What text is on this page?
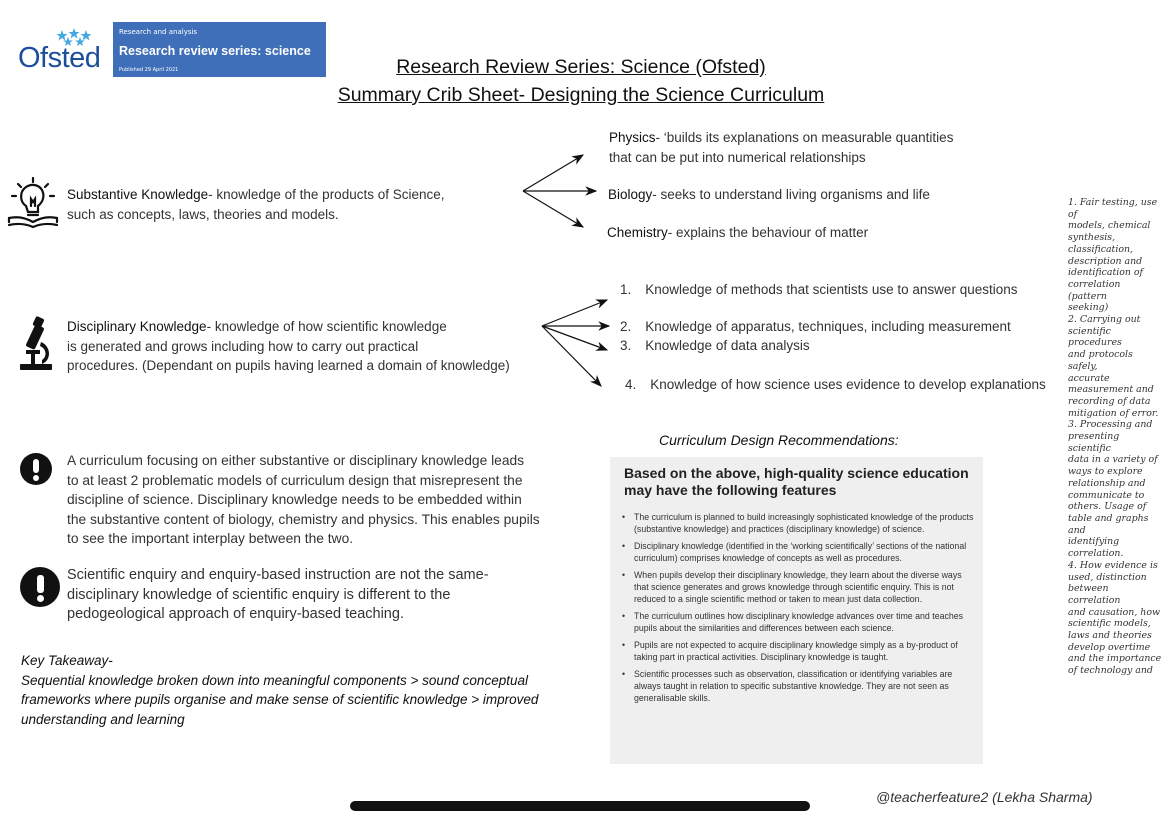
Ofsted
Research and analysis
Research review series: science
Published 29 April 2021	Research Review Series: Science (Ofsted)
Summary Crib Sheet- Designing the Science Curriculum
Substantive Knowledge- knowledge of the products of Science,
such as concepts, laws, theories and models.
Physics- ‘builds its explanations on measurable quantities
that can be put into numerical relationships
Biology- seeks to understand living organisms and life
Chemistry- explains the behaviour of matter
Disciplinary Knowledge- knowledge of how scientific knowledge
is generated and grows including how to carry out practical
procedures. (Dependant on pupils having learned a domain of knowledge)
1. Knowledge of methods that scientists use to answer questions
2. Knowledge of apparatus, techniques, including measurement
3. Knowledge of data analysis
4. Knowledge of how science uses evidence to develop explanations
A curriculum focusing on either substantive or disciplinary knowledge leads
to at least 2 problematic models of curriculum design that misrepresent the
discipline of science. Disciplinary knowledge needs to be embedded within
the substantive content of biology, chemistry and physics. This enables pupils
to see the important interplay between the two.
Scientific enquiry and enquiry-based instruction are not the same-
disciplinary knowledge of scientific enquiry is different to the
pedogeological approach of enquiry-based teaching.
Key Takeaway-
Sequential knowledge broken down into meaningful components > sound conceptual
frameworks where pupils organise and make sense of scientific knowledge > improved
understanding and learning
Curriculum Design Recommendations:
Based on the above, high-quality science education may have the following features
• The curriculum is planned to build increasingly sophisticated knowledge of the products (substantive knowledge) and practices (disciplinary knowledge) of science.
• Disciplinary knowledge (identified in the ‘working scientifically’ sections of the national curriculum) comprises knowledge of concepts as well as procedures.
• When pupils develop their disciplinary knowledge, they learn about the diverse ways that science generates and grows knowledge through scientific enquiry. This is not reduced to a single scientific method or taken to mean just data collection.
• The curriculum outlines how disciplinary knowledge advances over time and teaches pupils about the similarities and differences between each science.
• Pupils are not expected to acquire disciplinary knowledge simply as a by-product of taking part in practical activities. Disciplinary knowledge is taught.
• Scientific processes such as observation, classification or identifying variables are always taught in relation to specific substantive knowledge. They are not seen as generalisable skills.
1. Fair testing, use of
models, chemical
synthesis,
classification,
description and
identification of
correlation (pattern
seeking)
2. Carrying out
scientific procedures
and protocols safely,
accurate
measurement and
recording of data
mitigation of error.
3. Processing and
presenting scientific
data in a variety of
ways to explore
relationship and
communicate to
others. Usage of
table and graphs and
identifying
correlation.
4. How evidence is
used, distinction
between correlation
and causation, how
scientific models,
laws and theories
develop overtime
and the importance
of technology and
@teacherfeature2 (Lekha Sharma)
